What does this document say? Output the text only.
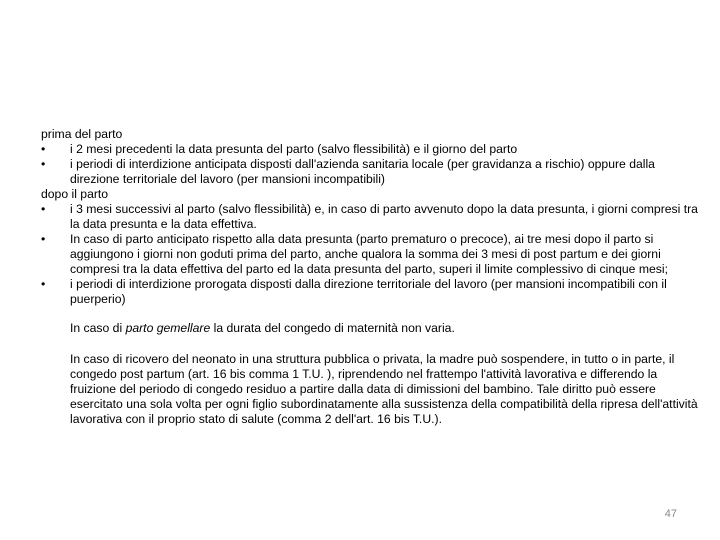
prima del parto
•	i 2 mesi precedenti la data presunta del parto (salvo flessibilità) e il giorno del parto
•	i periodi di interdizione anticipata disposti dall'azienda sanitaria locale (per gravidanza a rischio) oppure dalla direzione territoriale del lavoro (per mansioni incompatibili)
dopo il parto
•	i 3 mesi successivi al parto (salvo flessibilità) e, in caso di parto avvenuto dopo la data presunta, i giorni compresi tra la data presunta e la data effettiva.
•	In caso di parto anticipato rispetto alla data presunta (parto prematuro o precoce), ai tre mesi dopo il parto si aggiungono i giorni non goduti prima del parto, anche qualora la somma dei 3 mesi di post partum e dei giorni compresi tra la data effettiva del parto ed la data presunta del parto, superi il limite complessivo di cinque mesi;
•	i periodi di interdizione prorogata disposti dalla direzione territoriale del lavoro (per mansioni incompatibili con il puerperio)

In caso di parto gemellare la durata del congedo di maternità non varia.

In caso di ricovero del neonato in una struttura pubblica o privata, la madre può sospendere, in tutto o in parte, il congedo post partum (art. 16 bis comma 1 T.U. ), riprendendo nel frattempo l'attività lavorativa e differendo la fruizione del periodo di congedo residuo a partire dalla data di dimissioni del bambino. Tale diritto può essere esercitato una sola volta per ogni figlio subordinatamente alla sussistenza della compatibilità della ripresa dell'attività lavorativa con il proprio stato di salute (comma 2 dell'art. 16 bis T.U.).

47
